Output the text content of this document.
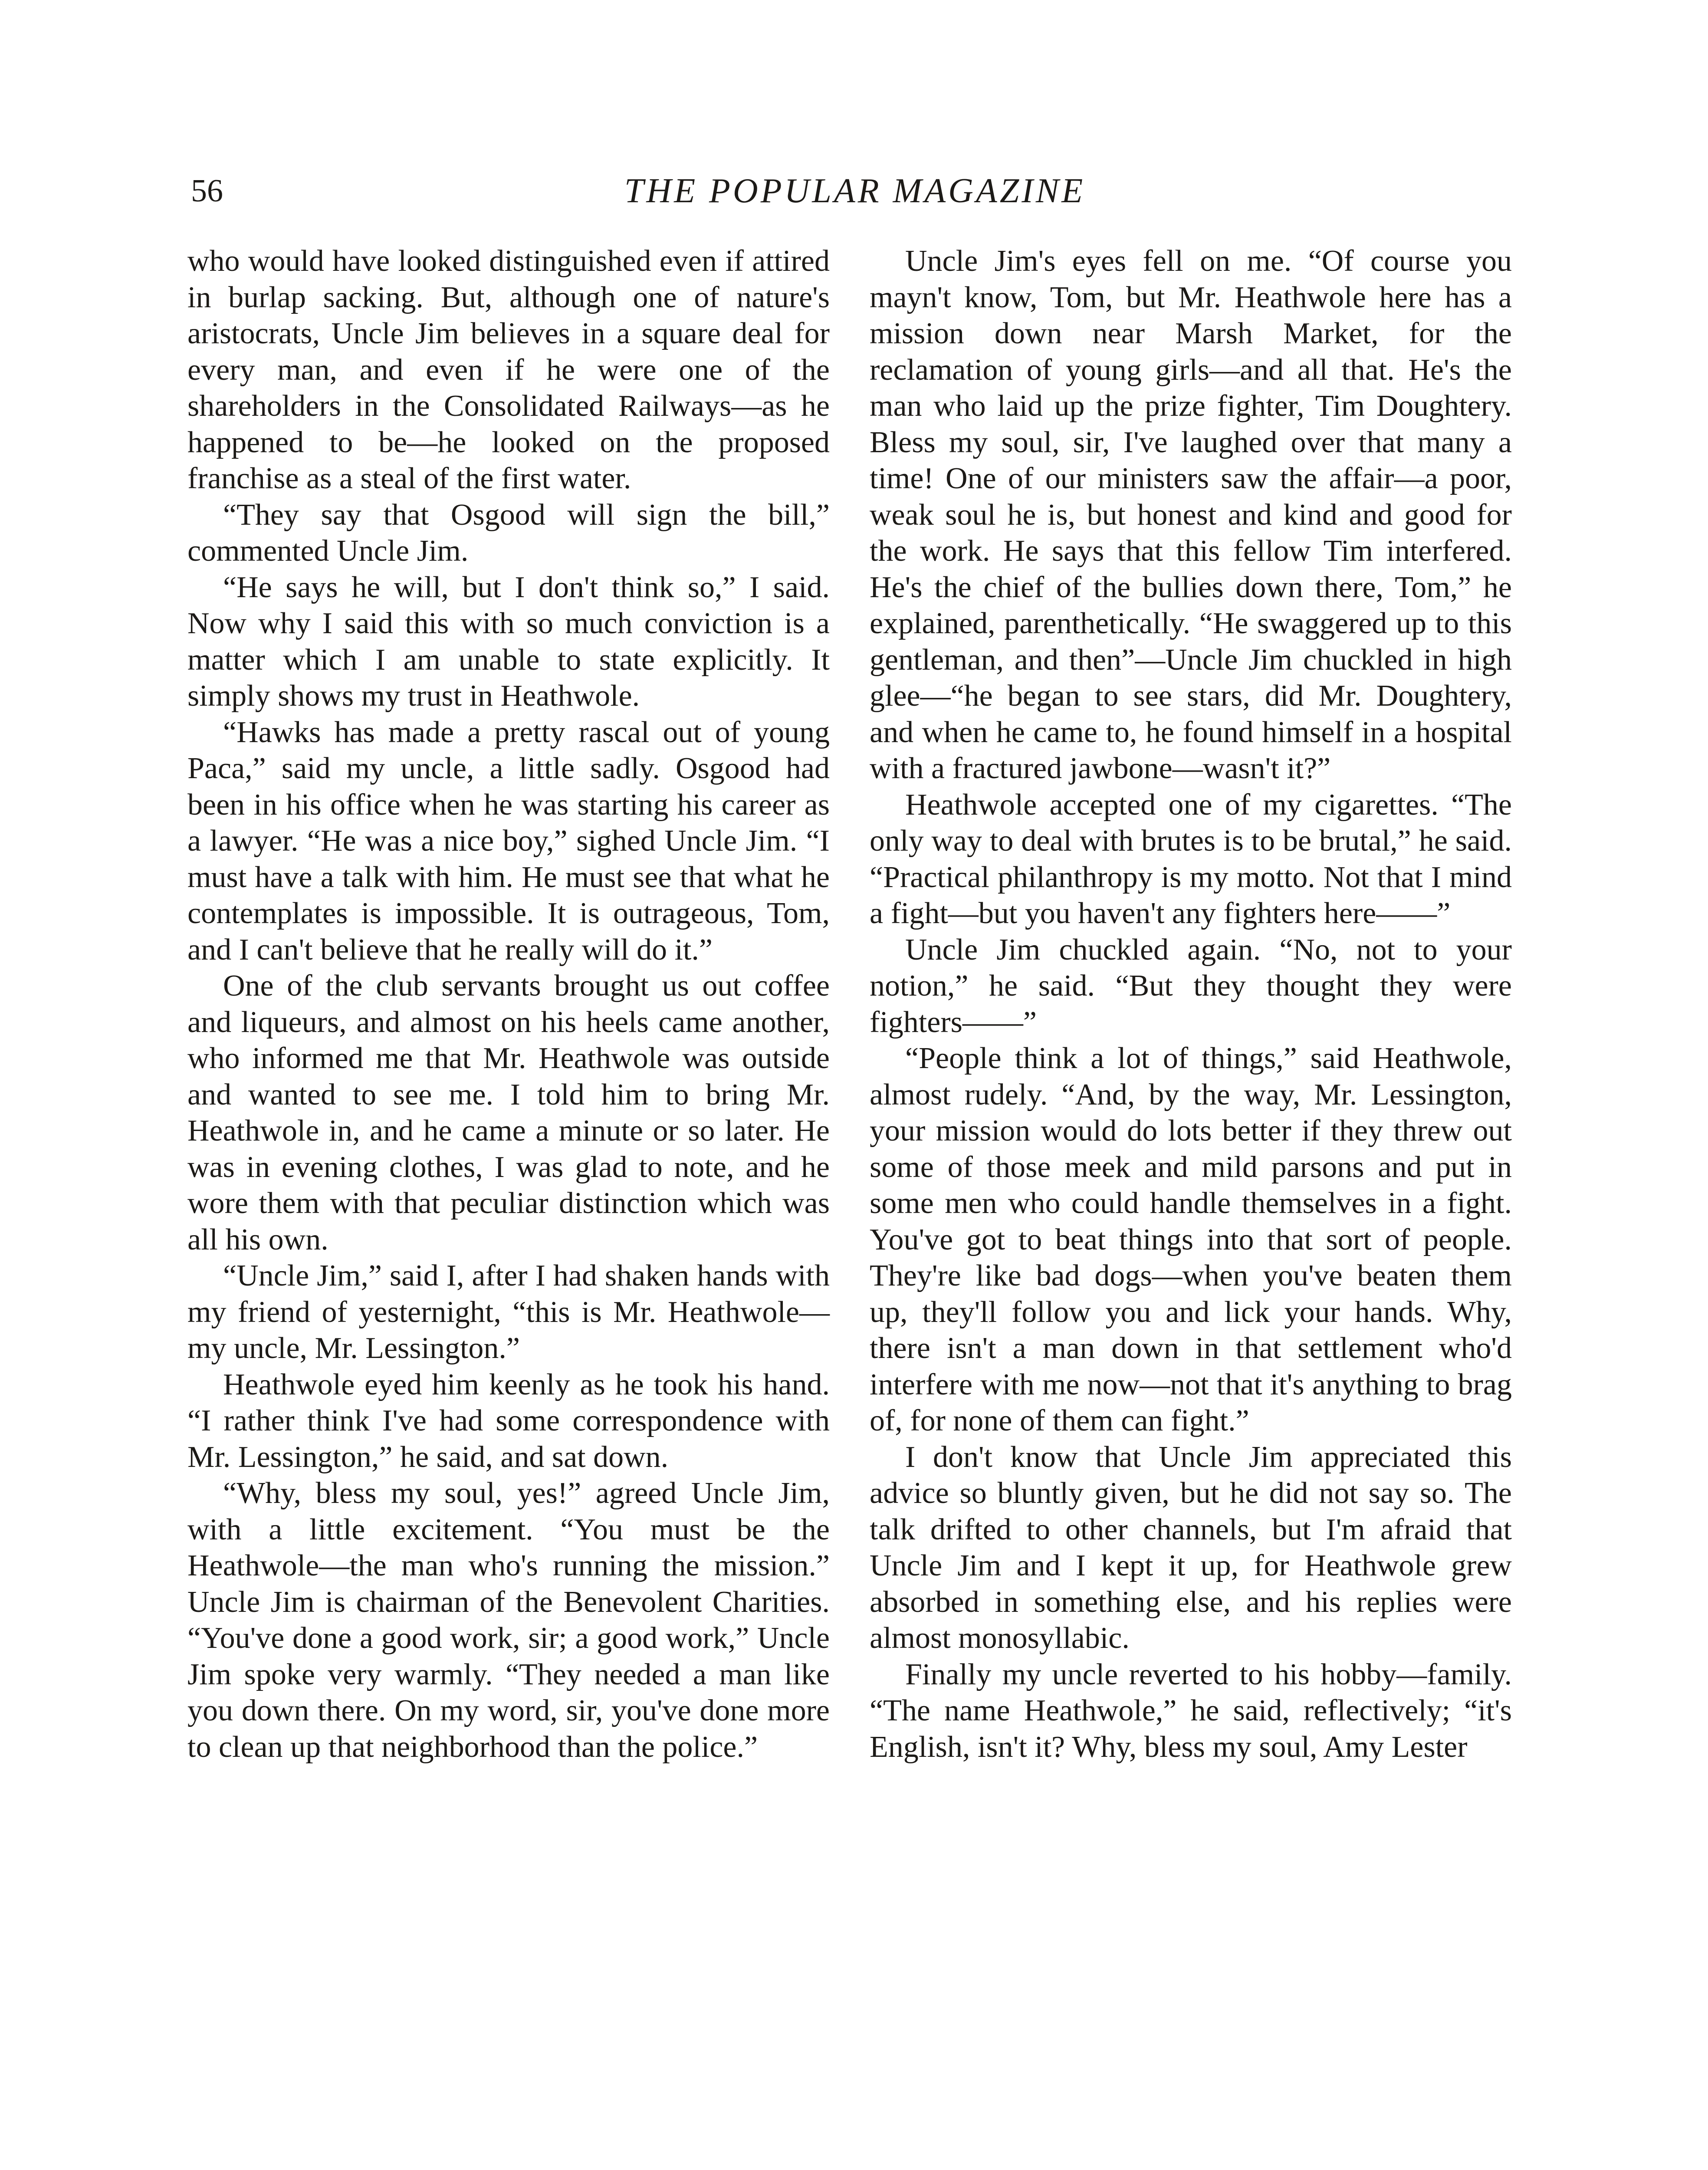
56	THE POPULAR MAGAZINE

who would have looked distinguished even if attired in burlap sacking. But, although one of nature's aristocrats, Uncle Jim believes in a square deal for every man, and even if he were one of the shareholders in the Consolidated Railways—as he happened to be—he looked on the proposed franchise as a steal of the first water.

“They say that Osgood will sign the bill,” commented Uncle Jim.

“He says he will, but I don't think so,” I said. Now why I said this with so much conviction is a matter which I am unable to state explicitly. It simply shows my trust in Heathwole.

“Hawks has made a pretty rascal out of young Paca,” said my uncle, a little sadly. Osgood had been in his office when he was starting his career as a lawyer. “He was a nice boy,” sighed Uncle Jim. “I must have a talk with him. He must see that what he contemplates is impossible. It is outrageous, Tom, and I can't believe that he really will do it.”

One of the club servants brought us out coffee and liqueurs, and almost on his heels came another, who informed me that Mr. Heathwole was outside and wanted to see me. I told him to bring Mr. Heathwole in, and he came a minute or so later. He was in evening clothes, I was glad to note, and he wore them with that peculiar distinction which was all his own.

“Uncle Jim,” said I, after I had shaken hands with my friend of yesternight, “this is Mr. Heathwole—my uncle, Mr. Lessington.”

Heathwole eyed him keenly as he took his hand. “I rather think I've had some correspondence with Mr. Lessington,” he said, and sat down.

“Why, bless my soul, yes!” agreed Uncle Jim, with a little excitement. “You must be the Heathwole—the man who's running the mission.” Uncle Jim is chairman of the Benevolent Charities. “You've done a good work, sir; a good work,” Uncle Jim spoke very warmly. “They needed a man like you down there. On my word, sir, you've done more to clean up that neighborhood than the police.”

Uncle Jim's eyes fell on me. “Of course you mayn't know, Tom, but Mr. Heathwole here has a mission down near Marsh Market, for the reclamation of young girls—and all that. He's the man who laid up the prize fighter, Tim Doughtery. Bless my soul, sir, I've laughed over that many a time! One of our ministers saw the affair—a poor, weak soul he is, but honest and kind and good for the work. He says that this fellow Tim interfered. He's the chief of the bullies down there, Tom,” he explained, parenthetically. “He swaggered up to this gentleman, and then”—Uncle Jim chuckled in high glee—“he began to see stars, did Mr. Doughtery, and when he came to, he found himself in a hospital with a fractured jawbone—wasn't it?”

Heathwole accepted one of my cigarettes. “The only way to deal with brutes is to be brutal,” he said. “Practical philanthropy is my motto. Not that I mind a fight—but you haven't any fighters here——”

Uncle Jim chuckled again. “No, not to your notion,” he said. “But they thought they were fighters——”

“People think a lot of things,” said Heathwole, almost rudely. “And, by the way, Mr. Lessington, your mission would do lots better if they threw out some of those meek and mild parsons and put in some men who could handle themselves in a fight. You've got to beat things into that sort of people. They're like bad dogs—when you've beaten them up, they'll follow you and lick your hands. Why, there isn't a man down in that settlement who'd interfere with me now—not that it's anything to brag of, for none of them can fight.”

I don't know that Uncle Jim appreciated this advice so bluntly given, but he did not say so. The talk drifted to other channels, but I'm afraid that Uncle Jim and I kept it up, for Heathwole grew absorbed in something else, and his replies were almost monosyllabic.

Finally my uncle reverted to his hobby—family. “The name Heathwole,” he said, reflectively; “it's English, isn't it? Why, bless my soul, Amy Lester
